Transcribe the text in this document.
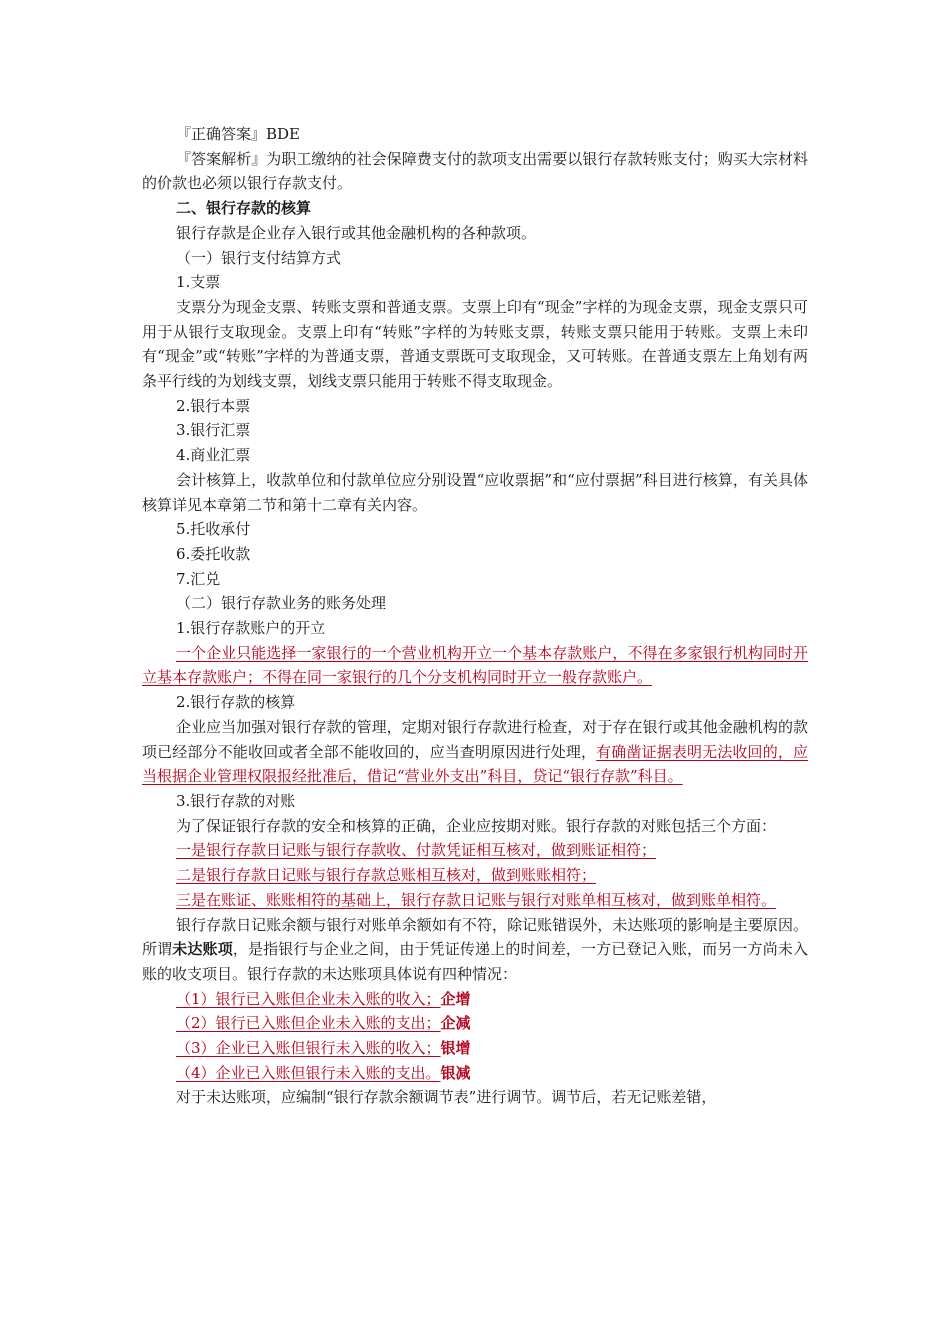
『正确答案』BDE

『答案解析』为职工缴纳的社会保障费支付的款项支出需要以银行存款转账支付；购买大宗材料的价款也必须以银行存款支付。

二、银行存款的核算

银行存款是企业存入银行或其他金融机构的各种款项。

（一）银行支付结算方式

1.支票

支票分为现金支票、转账支票和普通支票。支票上印有“现金”字样的为现金支票，现金支票只可用于从银行支取现金。支票上印有“转账”字样的为转账支票，转账支票只能用于转账。支票上未印有“现金”或“转账”字样的为普通支票，普通支票既可支取现金，又可转账。在普通支票左上角划有两条平行线的为划线支票，划线支票只能用于转账不得支取现金。

2.银行本票

3.银行汇票

4.商业汇票

会计核算上，收款单位和付款单位应分别设置“应收票据”和“应付票据”科目进行核算，有关具体核算详见本章第二节和第十二章有关内容。

5.托收承付

6.委托收款

7.汇兑

（二）银行存款业务的账务处理

1.银行存款账户的开立

一个企业只能选择一家银行的一个营业机构开立一个基本存款账户，不得在多家银行机构同时开立基本存款账户；不得在同一家银行的几个分支机构同时开立一般存款账户。

2.银行存款的核算

企业应当加强对银行存款的管理，定期对银行存款进行检查，对于存在银行或其他金融机构的款项已经部分不能收回或者全部不能收回的，应当查明原因进行处理，有确凿证据表明无法收回的，应当根据企业管理权限报经批准后，借记“营业外支出”科目，贷记“银行存款”科目。

3.银行存款的对账

为了保证银行存款的安全和核算的正确，企业应按期对账。银行存款的对账包括三个方面：

一是银行存款日记账与银行存款收、付款凭证相互核对，做到账证相符；

二是银行存款日记账与银行存款总账相互核对，做到账账相符；

三是在账证、账账相符的基础上，银行存款日记账与银行对账单相互核对，做到账单相符。

银行存款日记账余额与银行对账单余额如有不符，除记账错误外，未达账项的影响是主要原因。所谓未达账项，是指银行与企业之间，由于凭证传递上的时间差，一方已登记入账，而另一方尚未入账的收支项目。银行存款的未达账项具体说有四种情况：

（1）银行已入账但企业未入账的收入；企增

（2）银行已入账但企业未入账的支出；企减

（3）企业已入账但银行未入账的收入；银增

（4）企业已入账但银行未入账的支出。银减

对于未达账项，应编制“银行存款余额调节表”进行调节。调节后，若无记账差错，
